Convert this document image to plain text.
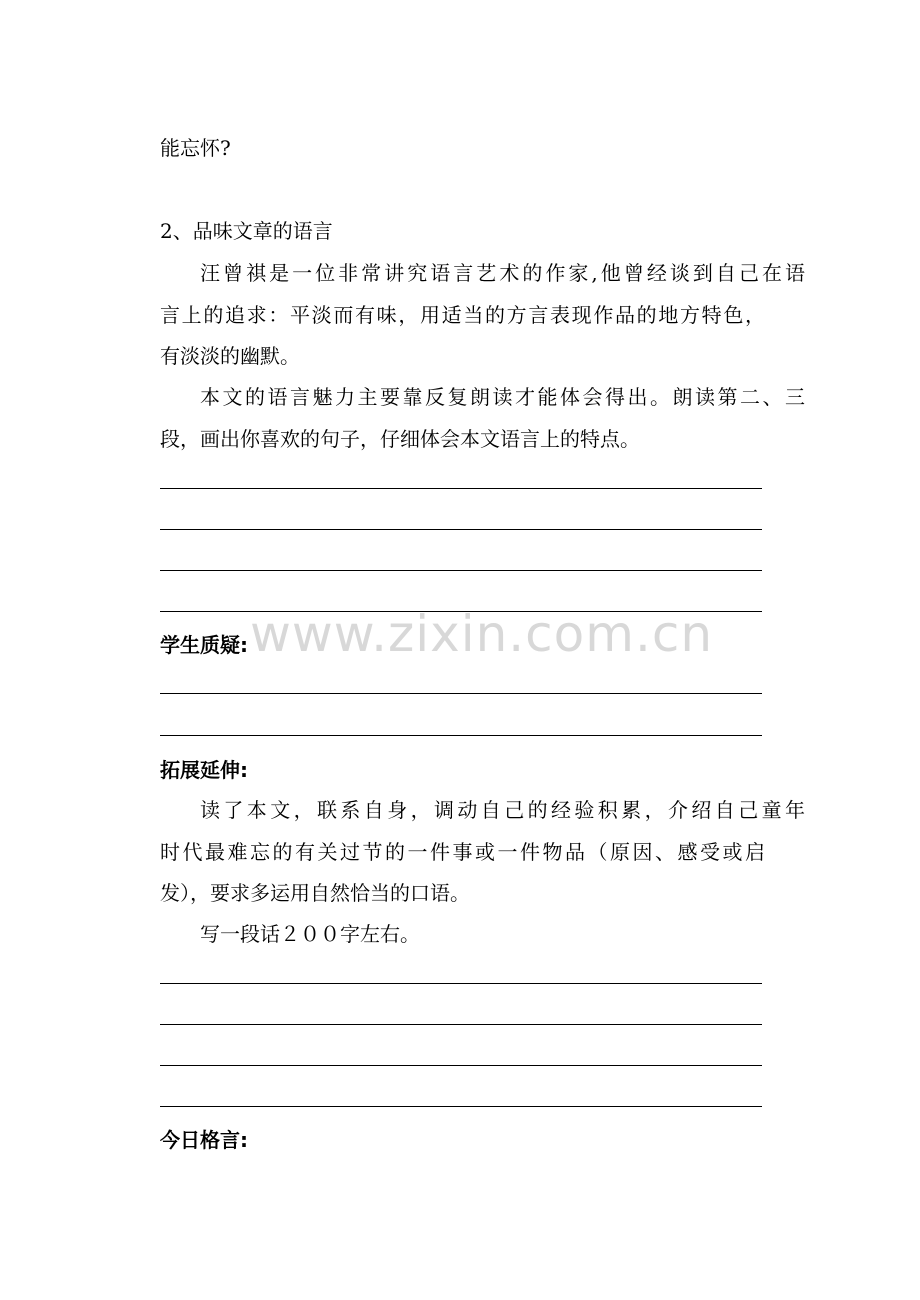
能忘怀?
2、品味文章的语言
汪曾祺是一位非常讲究语言艺术的作家,他曾经谈到自己在语
言上的追求：平淡而有味，用适当的方言表现作品的地方特色，
有淡淡的幽默。
本文的语言魅力主要靠反复朗读才能体会得出。朗读第二、三
段，画出你喜欢的句子，仔细体会本文语言上的特点。
www.zixin.com.cn
学生质疑:
拓展延伸:
读了本文，联系自身，调动自己的经验积累，介绍自己童年
时代最难忘的有关过节的一件事或一件物品（原因、感受或启
发），要求多运用自然恰当的口语。
写一段话２００字左右。
今日格言:
